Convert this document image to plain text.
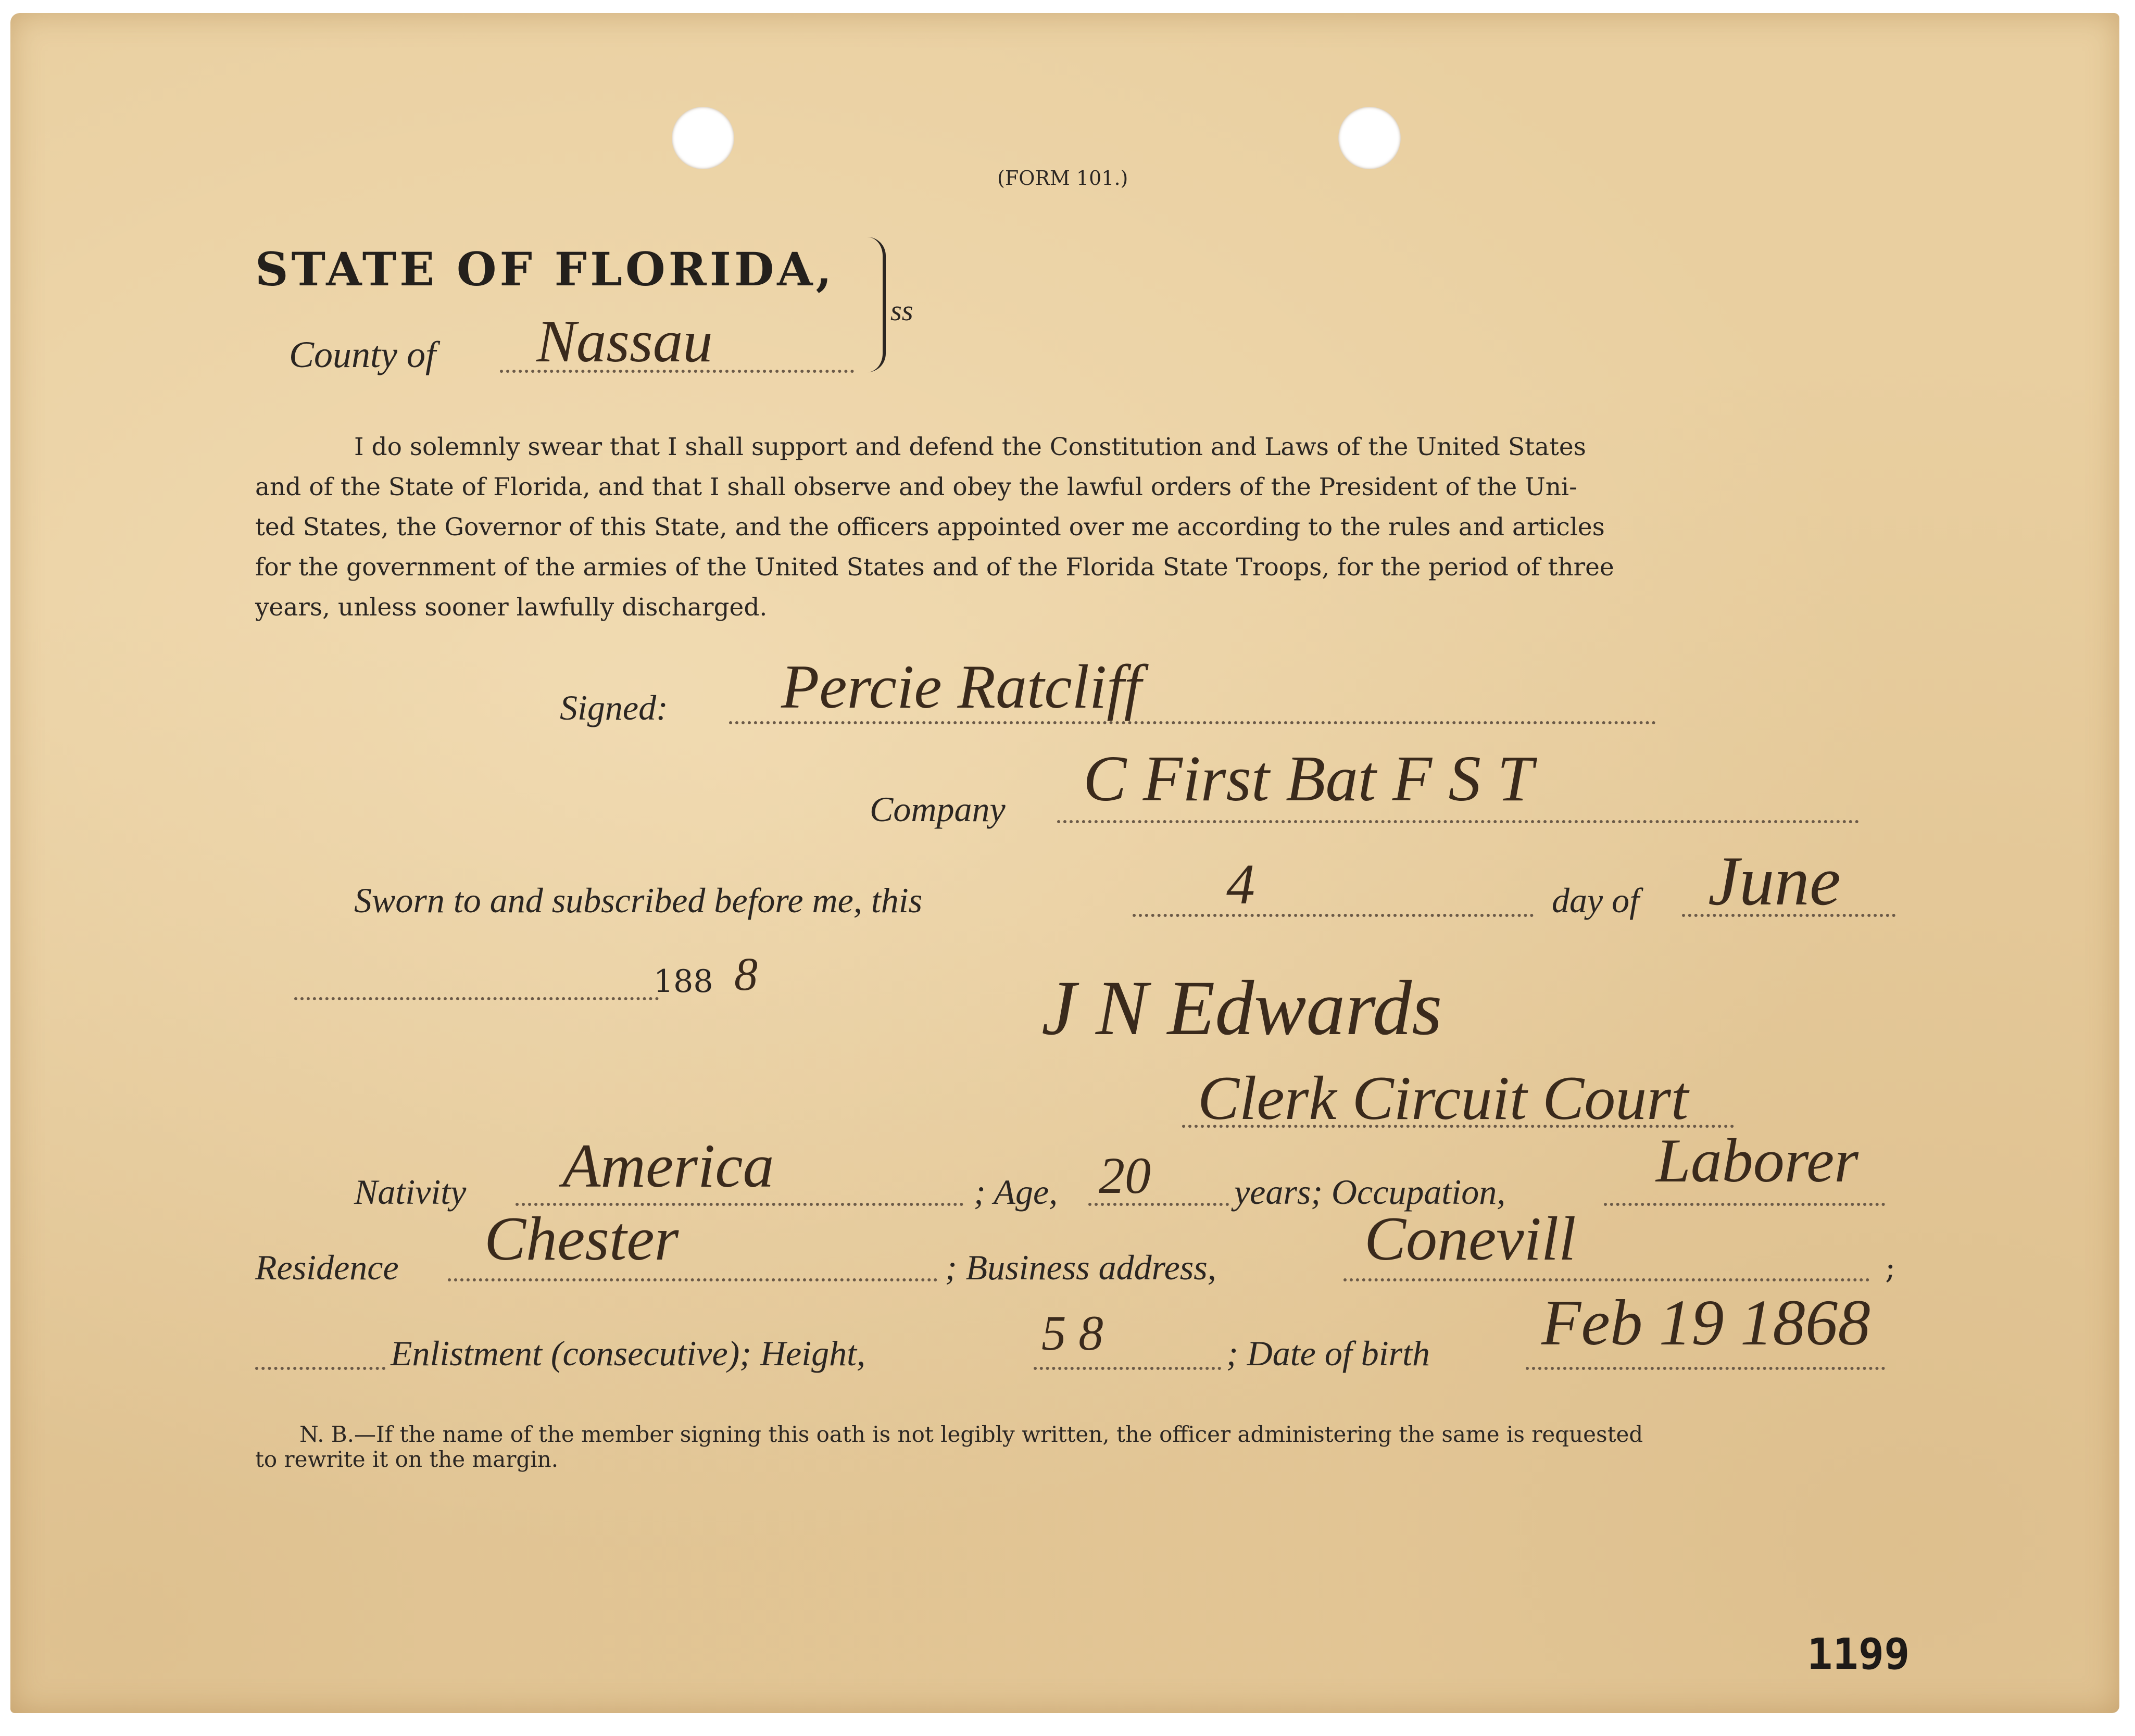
(FORM 101.)
STATE OF FLORIDA,
County of Nassau	ss
I do solemnly swear that I shall support and defend the Constitution and Laws of the United States
and of the State of Florida, and that I shall observe and obey the lawful orders of the President of the Uni-
ted States, the Governor of this State, and the officers appointed over me according to the rules and articles
for the government of the armies of the United States and of the Florida State Troops, for the period of three
years, unless sooner lawfully discharged.
Signed: Percie Ratcliff
Company C First Bat F S T
Sworn to and subscribed before me, this	4	day of June
188 8	J N Edwards
Clerk Circuit Court
Nativity America	; Age, 20 years; Occupation, Laborer
Residence Chester	; Business address, Conevill	;
Enlistment (consecutive); Height,	5 8	; Date of birth Feb 19 1868
N. B.—If the name of the member signing this oath is not legibly written, the officer administering the same is requested
to rewrite it on the margin.
1199
